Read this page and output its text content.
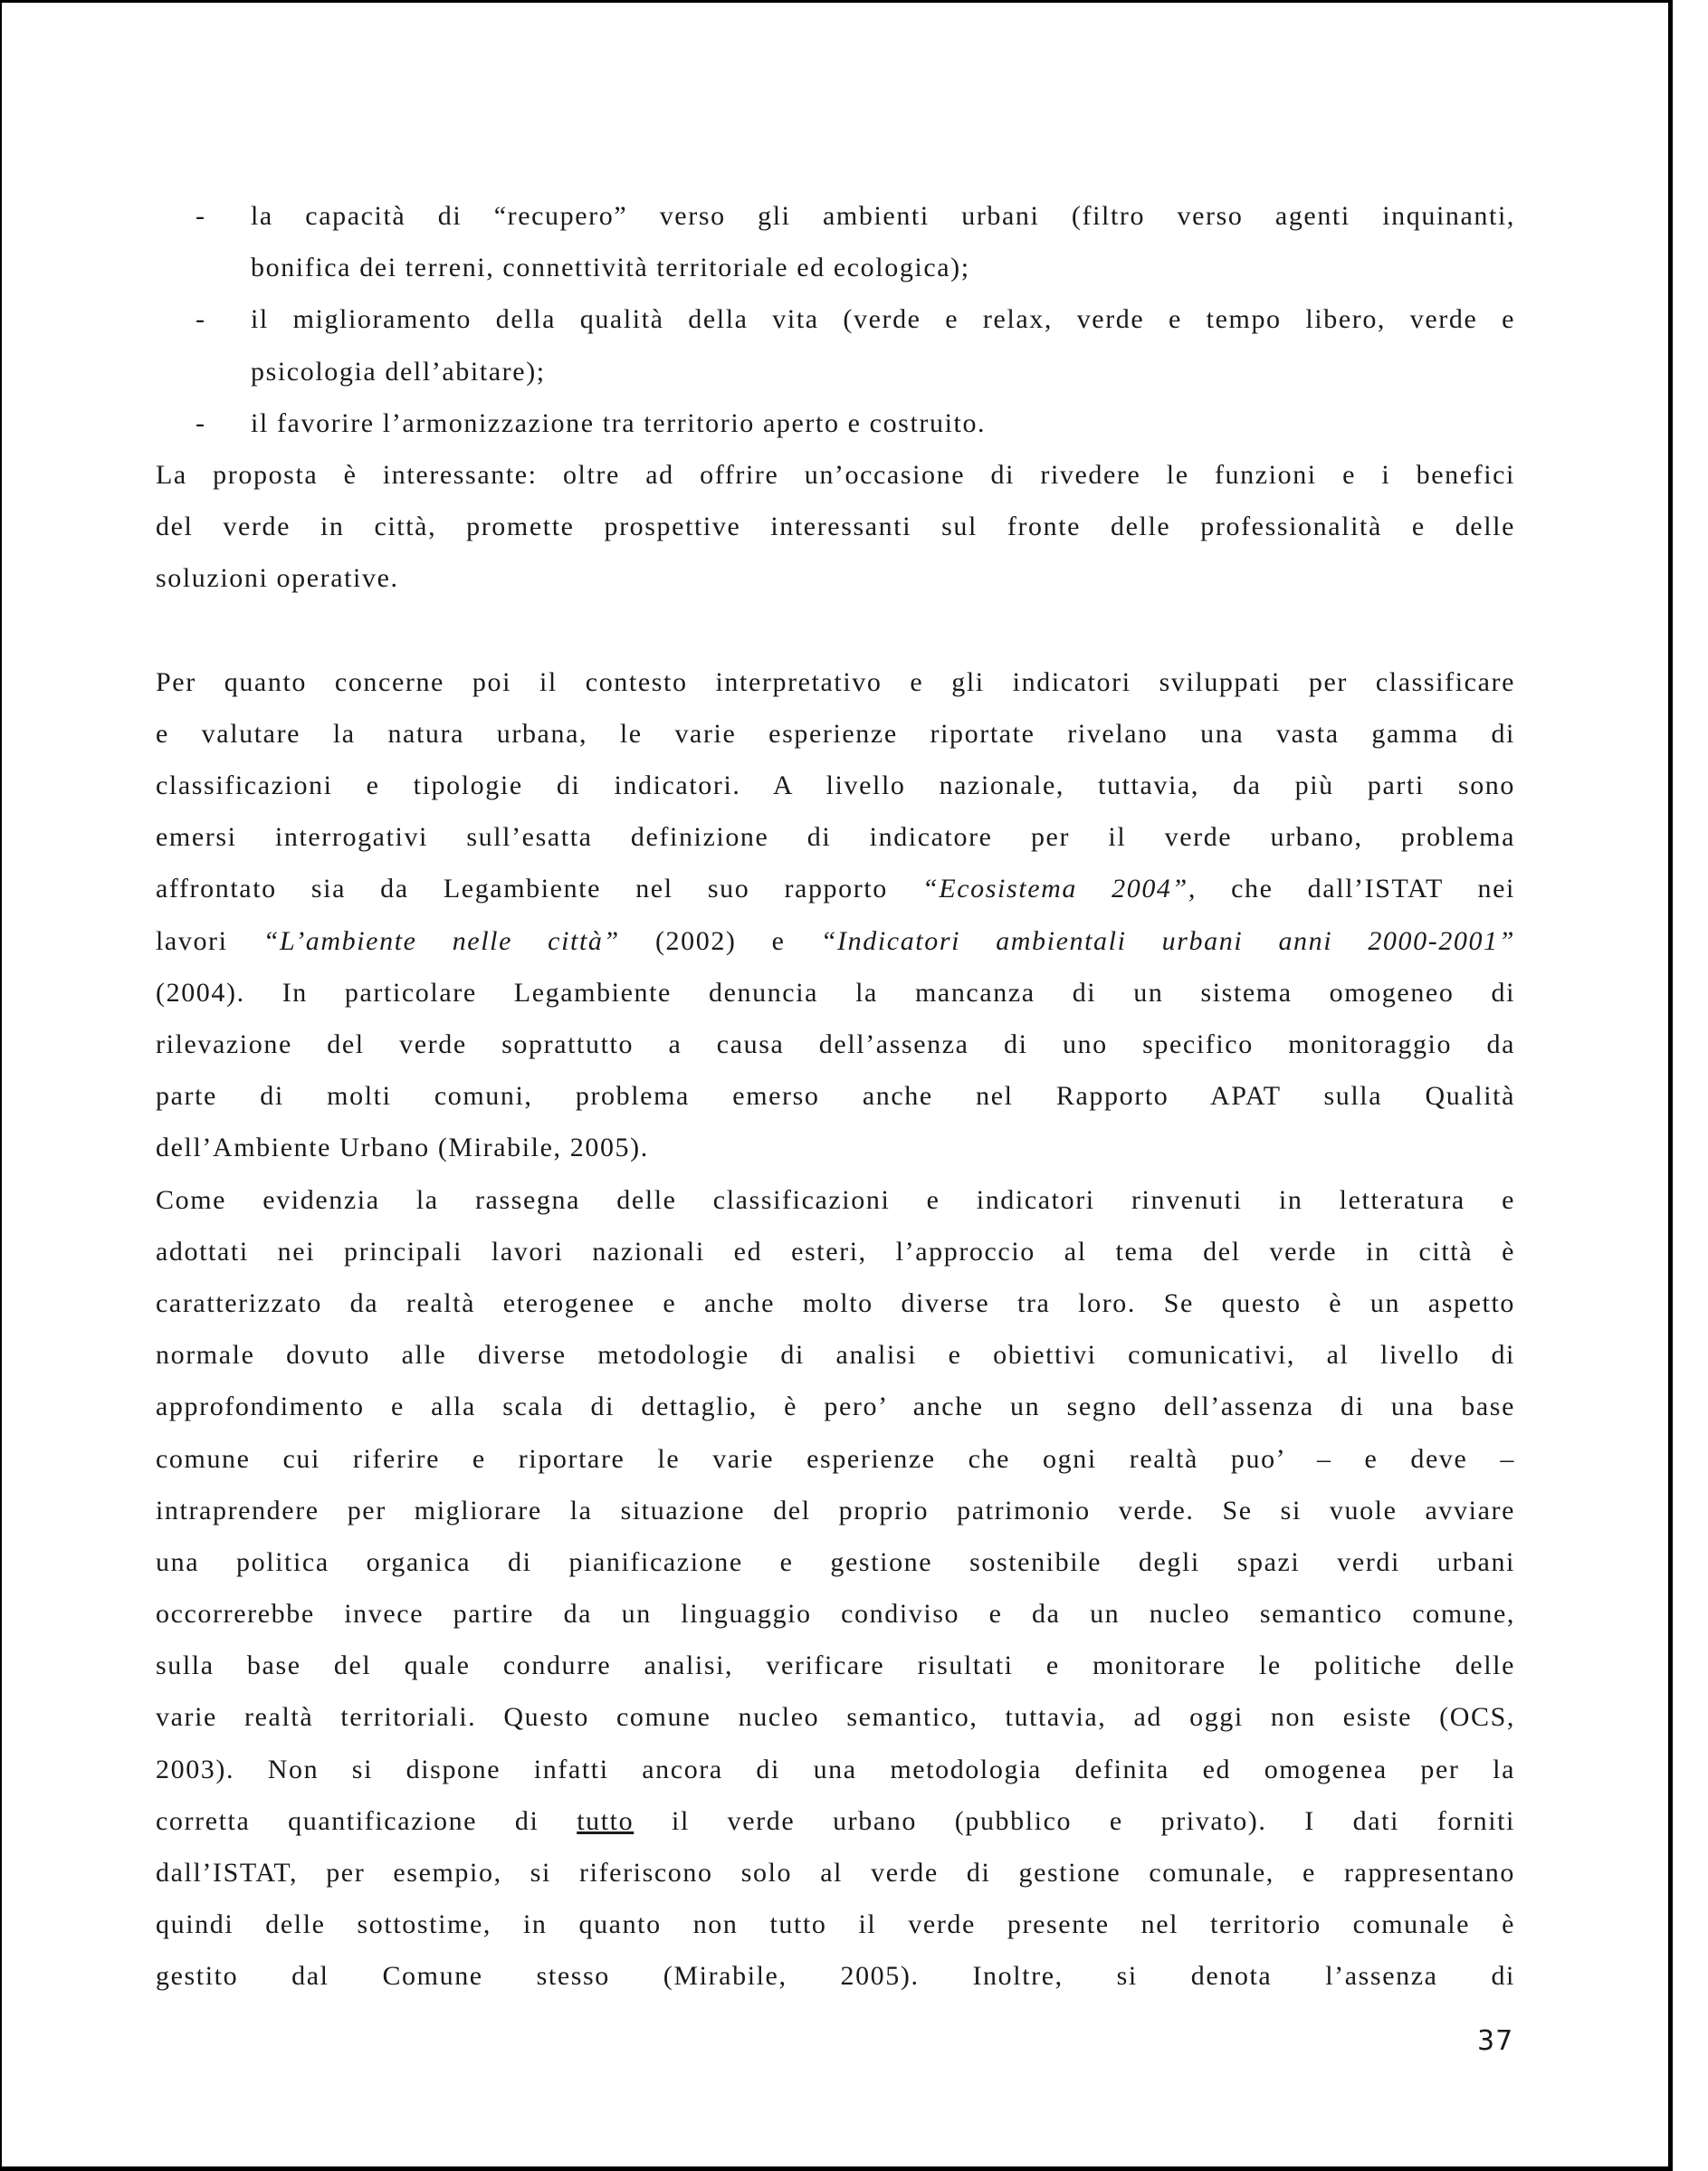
- la capacità di “recupero” verso gli ambienti urbani (filtro verso agenti inquinanti,
bonifica dei terreni, connettività territoriale ed ecologica);
- il miglioramento della qualità della vita (verde e relax, verde e tempo libero, verde e
psicologia dell’abitare);
- il favorire l’armonizzazione tra territorio aperto e costruito.
La proposta è interessante: oltre ad offrire un’occasione di rivedere le funzioni e i benefici
del verde in città, promette prospettive interessanti sul fronte delle professionalità e delle
soluzioni operative.
Per quanto concerne poi il contesto interpretativo e gli indicatori sviluppati per classificare
e valutare la natura urbana, le varie esperienze riportate rivelano una vasta gamma di
classificazioni e tipologie di indicatori. A livello nazionale, tuttavia, da più parti sono
emersi interrogativi sull’esatta definizione di indicatore per il verde urbano, problema
affrontato sia da Legambiente nel suo rapporto “Ecosistema 2004”, che dall’ISTAT nei
lavori “L’ambiente nelle città” (2002) e “Indicatori ambientali urbani anni 2000-2001”
(2004). In particolare Legambiente denuncia la mancanza di un sistema omogeneo di
rilevazione del verde soprattutto a causa dell’assenza di uno specifico monitoraggio da
parte di molti comuni, problema emerso anche nel Rapporto APAT sulla Qualità
dell’Ambiente Urbano (Mirabile, 2005).
Come evidenzia la rassegna delle classificazioni e indicatori rinvenuti in letteratura e
adottati nei principali lavori nazionali ed esteri, l’approccio al tema del verde in città è
caratterizzato da realtà eterogenee e anche molto diverse tra loro. Se questo è un aspetto
normale dovuto alle diverse metodologie di analisi e obiettivi comunicativi, al livello di
approfondimento e alla scala di dettaglio, è pero’ anche un segno dell’assenza di una base
comune cui riferire e riportare le varie esperienze che ogni realtà puo’ – e deve –
intraprendere per migliorare la situazione del proprio patrimonio verde. Se si vuole avviare
una politica organica di pianificazione e gestione sostenibile degli spazi verdi urbani
occorrerebbe invece partire da un linguaggio condiviso e da un nucleo semantico comune,
sulla base del quale condurre analisi, verificare risultati e monitorare le politiche delle
varie realtà territoriali. Questo comune nucleo semantico, tuttavia, ad oggi non esiste (OCS,
2003). Non si dispone infatti ancora di una metodologia definita ed omogenea per la
corretta quantificazione di tutto il verde urbano (pubblico e privato). I dati forniti
dall’ISTAT, per esempio, si riferiscono solo al verde di gestione comunale, e rappresentano
quindi delle sottostime, in quanto non tutto il verde presente nel territorio comunale è
gestito dal Comune stesso (Mirabile, 2005). Inoltre, si denota l’assenza di
37
